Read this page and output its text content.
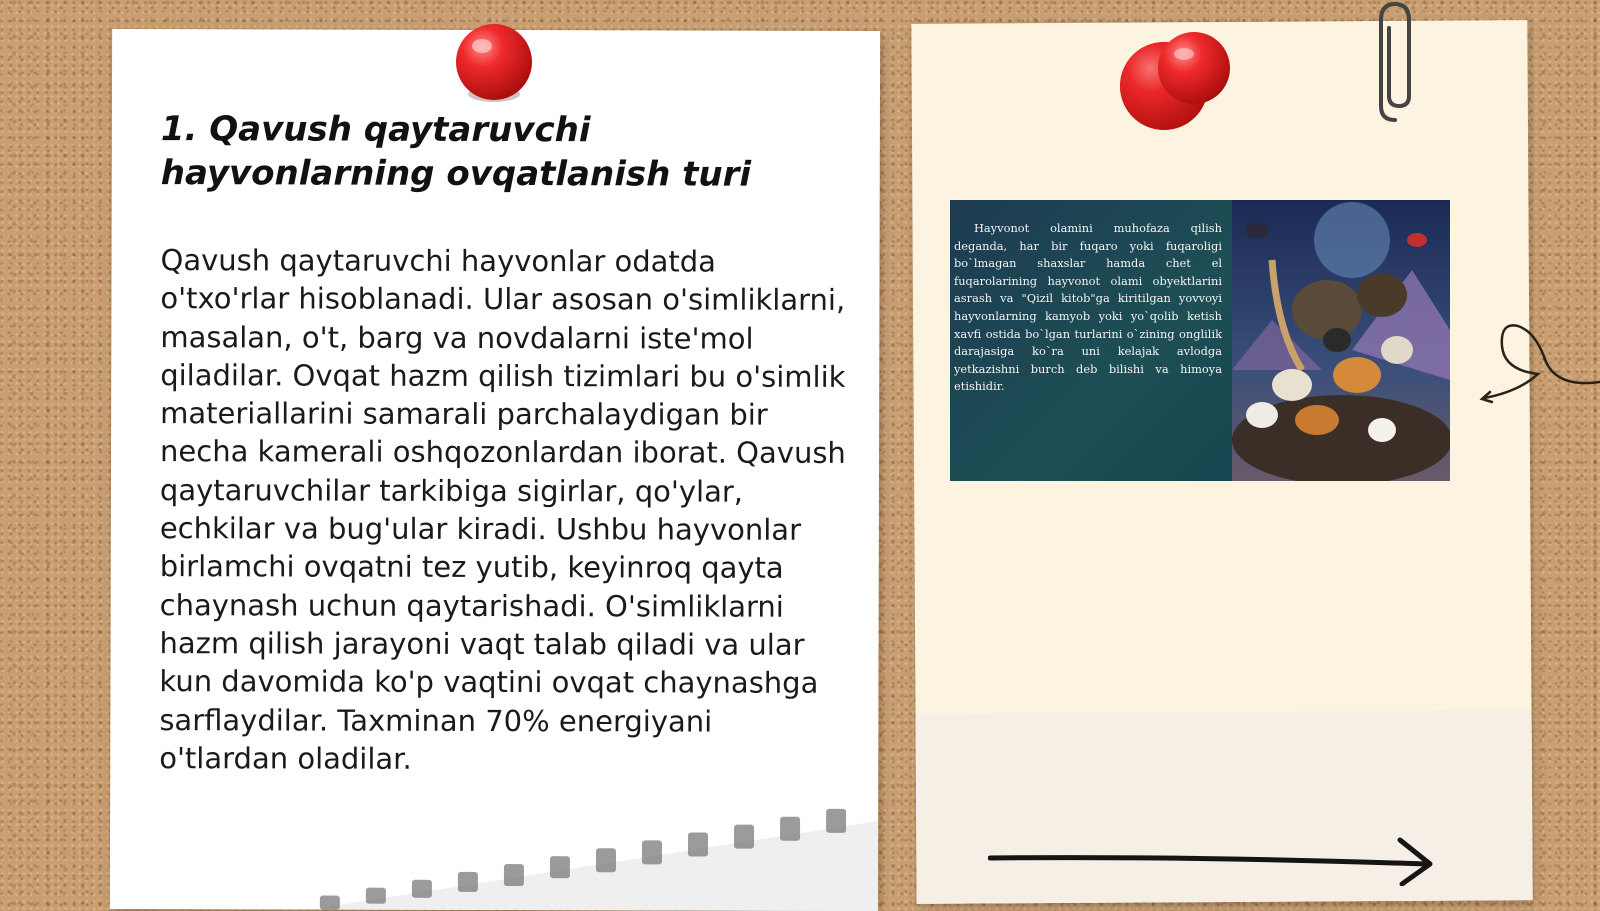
1. Qavush qaytaruvchi hayvonlarning ovqatlanish turi

Qavush qaytaruvchi hayvonlar odatda o'txo'rlar hisoblanadi. Ular asosan o'simliklarni, masalan, o't, barg va novdalarni iste'mol qiladilar. Ovqat hazm qilish tizimlari bu o'simlik materiallarini samarali parchalaydigan bir necha kamerali oshqozonlardan iborat. Qavush qaytaruvchilar tarkibiga sigirlar, qo'ylar, echkilar va bug'ular kiradi. Ushbu hayvonlar birlamchi ovqatni tez yutib, keyinroq qayta chaynash uchun qaytarishadi. O'simliklarni hazm qilish jarayoni vaqt talab qiladi va ular kun davomida ko'p vaqtini ovqat chaynashga sarflaydilar. Taxminan 70% energiyani o'tlardan oladilar.

Hayvonot olamini muhofaza qilish deganda, har bir fuqaro yoki fuqaroligi bo`lmagan shaxslar hamda chet el fuqarolarining hayvonot olami obyektlarini asrash va "Qizil kitob"ga kiritilgan yovvoyi hayvonlarning kamyob yoki yo`qolib ketish xavfi ostida bo`lgan turlarini o`zining onglilik darajasiga ko`ra uni kelajak avlodga yetkazishni burch deb bilishi va himoya etishidir.
